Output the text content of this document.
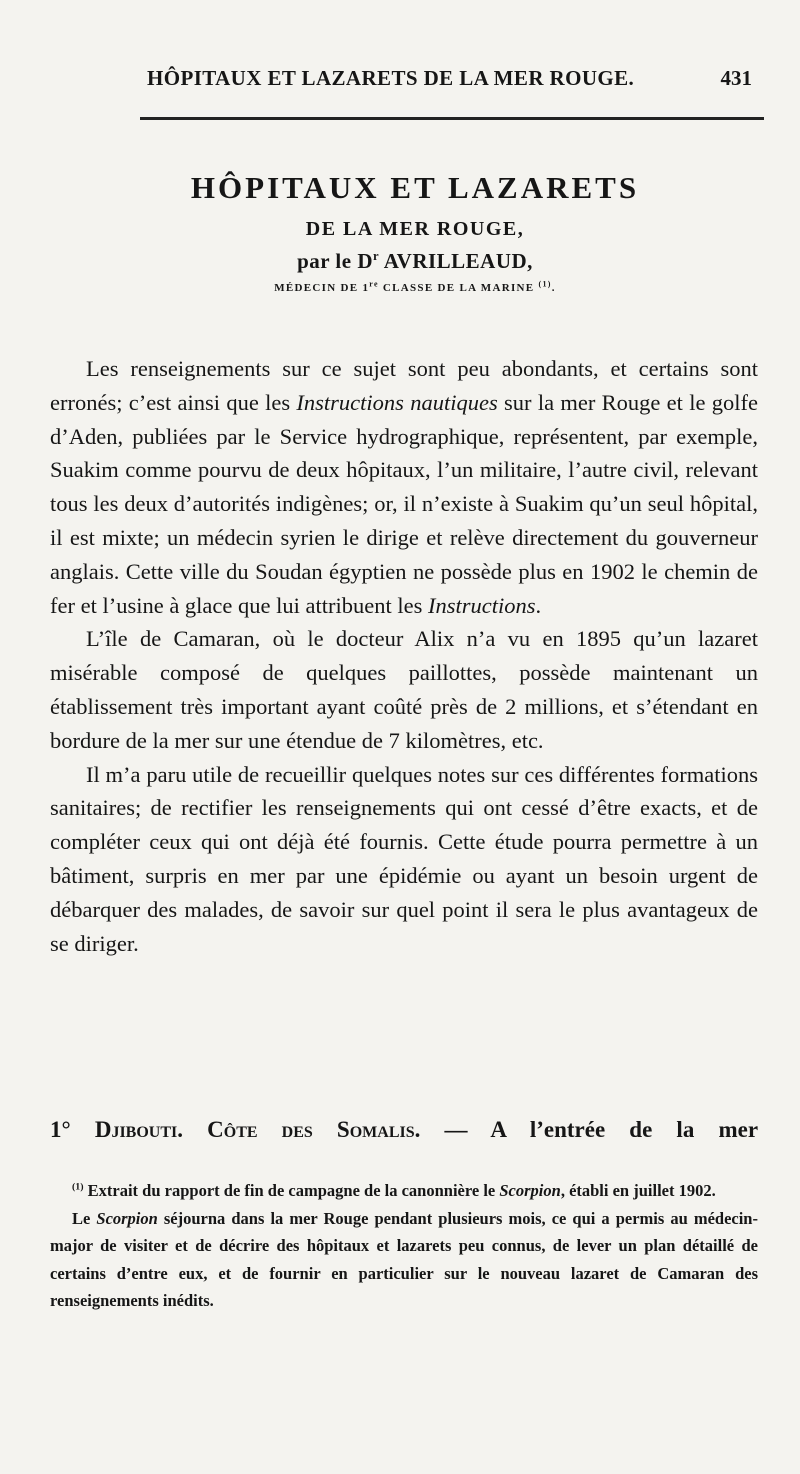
HÔPITAUX ET LAZARETS DE LA MER ROUGE.	431
HÔPITAUX ET LAZARETS
DE LA MER ROUGE,
par le $D^r$ AVRILLEAUD,
MÉDECIN DE 1re CLASSE DE LA MARINE $^{(1)}$.

Les renseignements sur ce sujet sont peu abondants, et certains sont erronés; c’est ainsi que les Instructions nautiques sur la mer Rouge et le golfe d’Aden, publiées par le Service hydrographique, représentent, par exemple, Suakim comme pourvu de deux hôpitaux, l’un militaire, l’autre civil, relevant tous les deux d’autorités indigènes; or, il n’existe à Suakim qu’un seul hôpital, il est mixte; un médecin syrien le dirige et relève directement du gouverneur anglais. Cette ville du Soudan égyptien ne possède plus en 1902 le chemin de fer et l’usine à glace que lui attribuent les Instructions.

L’île de Camaran, où le docteur Alix n’a vu en 1895 qu’un lazaret misérable composé de quelques paillottes, possède maintenant un établissement très important ayant coûté près de 2 millions, et s’étendant en bordure de la mer sur une étendue de 7 kilomètres, etc.

Il m’a paru utile de recueillir quelques notes sur ces différentes formations sanitaires; de rectifier les renseignements qui ont cessé d’être exacts, et de compléter ceux qui ont déjà été fournis. Cette étude pourra permettre à un bâtiment, surpris en mer par une épidémie ou ayant un besoin urgent de débarquer des malades, de savoir sur quel point il sera le plus avantageux de se diriger.

1° Djibouti. Côte des Somalis. — A l’entrée de la mer

$^{(1)}$ Extrait du rapport de fin de campagne de la canonnière le Scorpion, établi en juillet 1902.

Le Scorpion séjourna dans la mer Rouge pendant plusieurs mois, ce qui a permis au médecin-major de visiter et de décrire des hôpitaux et lazarets peu connus, de lever un plan détaillé de certains d’entre eux, et de fournir en particulier sur le nouveau lazaret de Camaran des renseignements inédits.
